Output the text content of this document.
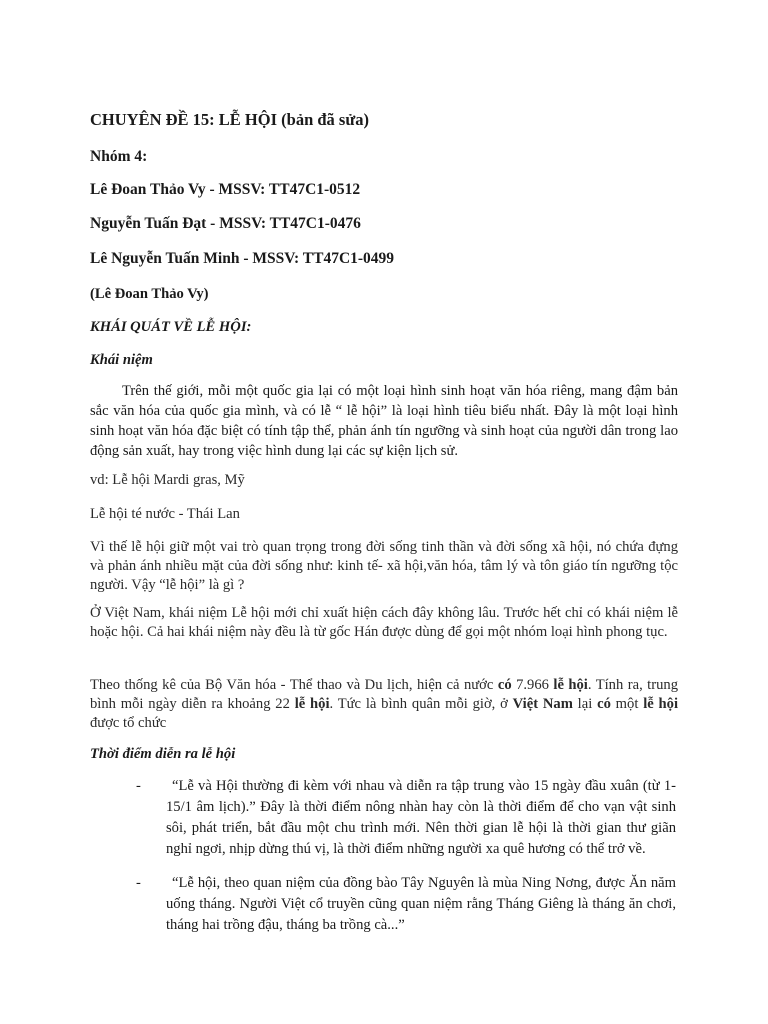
CHUYÊN ĐỀ 15: LỄ HỘI (bản đã sửa)
Nhóm 4:
Lê Đoan Thảo Vy - MSSV: TT47C1-0512
Nguyễn Tuấn Đạt - MSSV: TT47C1-0476
Lê Nguyễn Tuấn Minh - MSSV: TT47C1-0499
(Lê Đoan Thảo Vy)
KHÁI QUÁT VỀ LỄ HỘI:
Khái niệm

Trên thế giới, mỗi một quốc gia lại có một loại hình sinh hoạt văn hóa riêng, mang đậm bản sắc văn hóa của quốc gia mình, và có lễ “ lễ hội” là loại hình tiêu biểu nhất. Đây là một loại hình sinh hoạt văn hóa đặc biệt có tính tập thể, phản ánh tín ngưỡng và sinh hoạt của người dân trong lao động sản xuất, hay trong việc hình dung lại các sự kiện lịch sử.

vd: Lễ hội Mardi gras, Mỹ
Lễ hội té nước - Thái Lan

Vì thế lễ hội giữ một vai trò quan trọng trong đời sống tinh thần và đời sống xã hội, nó chứa đựng và phản ánh nhiều mặt của đời sống như: kinh tế- xã hội,văn hóa, tâm lý và tôn giáo tín ngưỡng tộc người. Vậy “lễ hội” là gì ?

Ở Việt Nam, khái niệm Lễ hội mới chỉ xuất hiện cách đây không lâu. Trước hết chỉ có khái niệm lễ hoặc hội. Cả hai khái niệm này đều là từ gốc Hán được dùng để gọi một nhóm loại hình phong tục.

Theo thống kê của Bộ Văn hóa - Thể thao và Du lịch, hiện cả nước có 7.966 lễ hội. Tính ra, trung bình mỗi ngày diễn ra khoảng 22 lễ hội. Tức là bình quân mỗi giờ, ở Việt Nam lại có một lễ hội được tổ chức

Thời điểm diễn ra lễ hội
-	“Lễ và Hội thường đi kèm với nhau và diễn ra tập trung vào 15 ngày đầu xuân (từ 1-15/1 âm lịch).” Đây là thời điểm nông nhàn hay còn là thời điểm để cho vạn vật sinh sôi, phát triển, bắt đầu một chu trình mới. Nên thời gian lễ hội là thời gian thư giãn nghỉ ngơi, nhịp dừng thú vị, là thời điểm những người xa quê hương có thể trở về.
-	“Lễ hội, theo quan niệm của đồng bào Tây Nguyên là mùa Ning Nơng, được Ăn năm uống tháng. Người Việt cổ truyền cũng quan niệm rằng Tháng Giêng là tháng ăn chơi, tháng hai trồng đậu, tháng ba trồng cà...”
